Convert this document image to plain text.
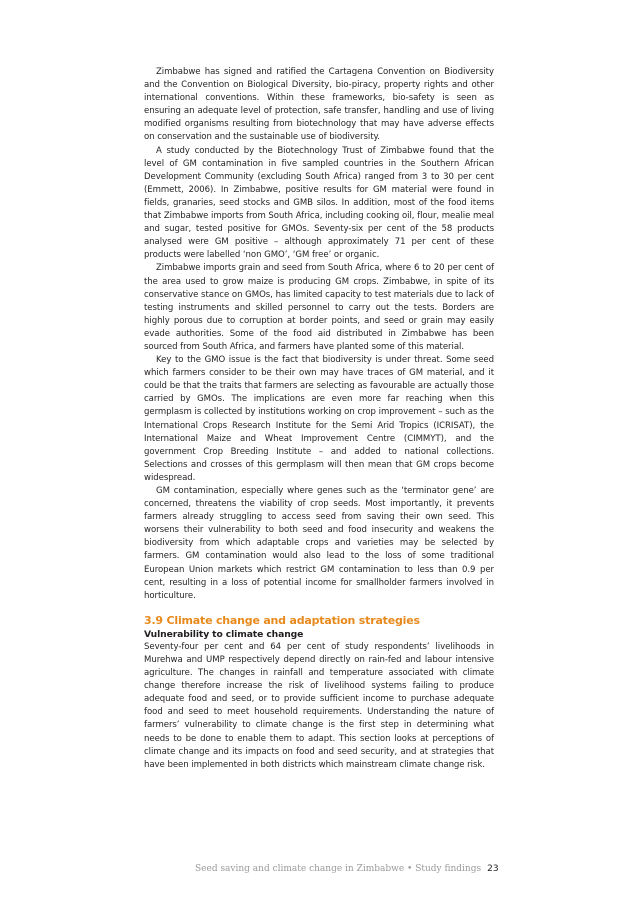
Zimbabwe has signed and ratified the Cartagena Convention on Biodiversity and the Convention on Biological Diversity, bio-piracy, property rights and other international conventions. Within these frameworks, bio-safety is seen as ensuring an adequate level of protection, safe transfer, handling and use of living modified organisms resulting from biotechnology that may have adverse effects on conservation and the sustainable use of biodiversity.

A study conducted by the Biotechnology Trust of Zimbabwe found that the level of GM contamination in five sampled countries in the Southern African Development Community (excluding South Africa) ranged from 3 to 30 per cent (Emmett, 2006). In Zimbabwe, positive results for GM material were found in fields, granaries, seed stocks and GMB silos. In addition, most of the food items that Zimbabwe imports from South Africa, including cooking oil, flour, mealie meal and sugar, tested positive for GMOs. Seventy-six per cent of the 58 products analysed were GM positive – although approximately 71 per cent of these products were labelled ‘non GMO’, ‘GM free’ or organic.

Zimbabwe imports grain and seed from South Africa, where 6 to 20 per cent of the area used to grow maize is producing GM crops. Zimbabwe, in spite of its conservative stance on GMOs, has limited capacity to test materials due to lack of testing instruments and skilled personnel to carry out the tests. Borders are highly porous due to corruption at border points, and seed or grain may easily evade authorities. Some of the food aid distributed in Zimbabwe has been sourced from South Africa, and farmers have planted some of this material.

Key to the GMO issue is the fact that biodiversity is under threat. Some seed which farmers consider to be their own may have traces of GM material, and it could be that the traits that farmers are selecting as favourable are actually those carried by GMOs. The implications are even more far reaching when this germplasm is collected by institutions working on crop improvement – such as the International Crops Research Institute for the Semi Arid Tropics (ICRISAT), the International Maize and Wheat Improvement Centre (CIMMYT), and the government Crop Breeding Institute – and added to national collections. Selections and crosses of this germplasm will then mean that GM crops become widespread.

GM contamination, especially where genes such as the ‘terminator gene’ are concerned, threatens the viability of crop seeds. Most importantly, it prevents farmers already struggling to access seed from saving their own seed. This worsens their vulnerability to both seed and food insecurity and weakens the biodiversity from which adaptable crops and varieties may be selected by farmers. GM contamination would also lead to the loss of some traditional European Union markets which restrict GM contamination to less than 0.9 per cent, resulting in a loss of potential income for smallholder farmers involved in horticulture.

3.9 Climate change and adaptation strategies
Vulnerability to climate change

Seventy-four per cent and 64 per cent of study respondents’ livelihoods in Murehwa and UMP respectively depend directly on rain-fed and labour intensive agriculture. The changes in rainfall and temperature associated with climate change therefore increase the risk of livelihood systems failing to produce adequate food and seed, or to provide sufficient income to purchase adequate food and seed to meet household requirements. Understanding the nature of farmers’ vulnerability to climate change is the first step in determining what needs to be done to enable them to adapt. This section looks at perceptions of climate change and its impacts on food and seed security, and at strategies that have been implemented in both districts which mainstream climate change risk.

Seed saving and climate change in Zimbabwe • Study findings 23
